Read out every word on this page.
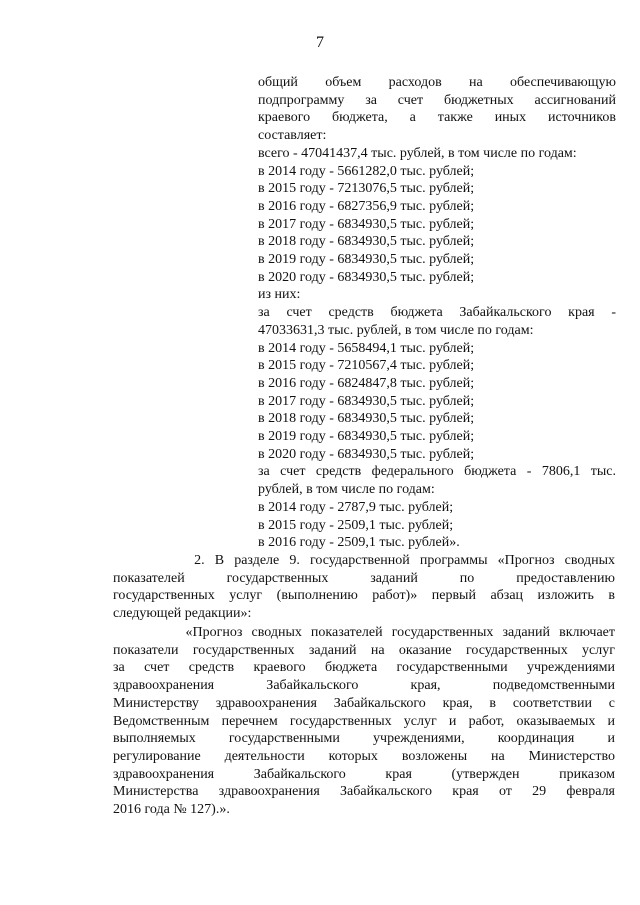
7
общий объем расходов на обеспечивающую
подпрограмму за счет бюджетных ассигнований
краевого бюджета, а также иных источников
составляет:
всего - 47041437,4 тыс. рублей, в том числе по годам:
в 2014 году - 5661282,0 тыс. рублей;
в 2015 году - 7213076,5 тыс. рублей;
в 2016 году - 6827356,9 тыс. рублей;
в 2017 году - 6834930,5 тыс. рублей;
в 2018 году - 6834930,5 тыс. рублей;
в 2019 году - 6834930,5 тыс. рублей;
в 2020 году - 6834930,5 тыс. рублей;
из них:
за счет средств бюджета Забайкальского края -
47033631,3 тыс. рублей, в том числе по годам:
в 2014 году - 5658494,1 тыс. рублей;
в 2015 году - 7210567,4 тыс. рублей;
в 2016 году - 6824847,8 тыс. рублей;
в 2017 году - 6834930,5 тыс. рублей;
в 2018 году - 6834930,5 тыс. рублей;
в 2019 году - 6834930,5 тыс. рублей;
в 2020 году - 6834930,5 тыс. рублей;
за счет средств федерального бюджета - 7806,1 тыс.
рублей, в том числе по годам:
в 2014 году - 2787,9 тыс. рублей;
в 2015 году - 2509,1 тыс. рублей;
в 2016 году - 2509,1 тыс. рублей».
2. В разделе 9. государственной программы «Прогноз сводных
показателей государственных заданий по предоставлению
государственных услуг (выполнению работ)» первый абзац изложить в
следующей редакции»:
«Прогноз сводных показателей государственных заданий включает
показатели государственных заданий на оказание государственных услуг
за счет средств краевого бюджета государственными учреждениями
здравоохранения Забайкальского края, подведомственными
Министерству здравоохранения Забайкальского края, в соответствии с
Ведомственным перечнем государственных услуг и работ, оказываемых и
выполняемых государственными учреждениями, координация и
регулирование деятельности которых возложены на Министерство
здравоохранения Забайкальского края (утвержден приказом
Министерства здравоохранения Забайкальского края от 29 февраля
2016 года № 127).».
